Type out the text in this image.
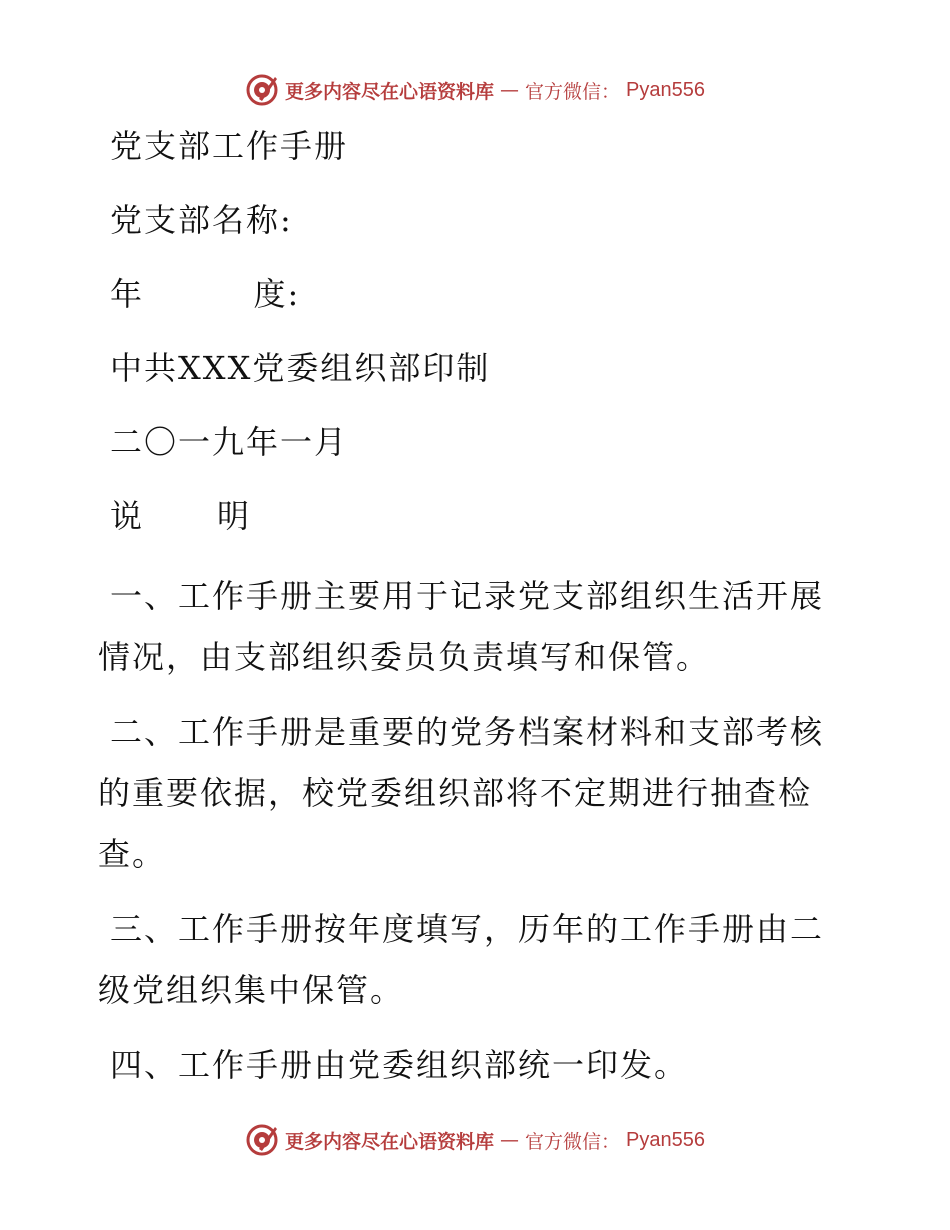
更多内容尽在心语资料库 — 官方微信： Pyan556
党支部工作手册
党支部名称:
年         度:
中共XXX党委组织部印制
二〇一九年一月
说      明
一、工作手册主要用于记录党支部组织生活开展情况，由支部组织委员负责填写和保管。
二、工作手册是重要的党务档案材料和支部考核的重要依据，校党委组织部将不定期进行抽查检查。
三、工作手册按年度填写，历年的工作手册由二级党组织集中保管。
四、工作手册由党委组织部统一印发。
更多内容尽在心语资料库 — 官方微信： Pyan556
